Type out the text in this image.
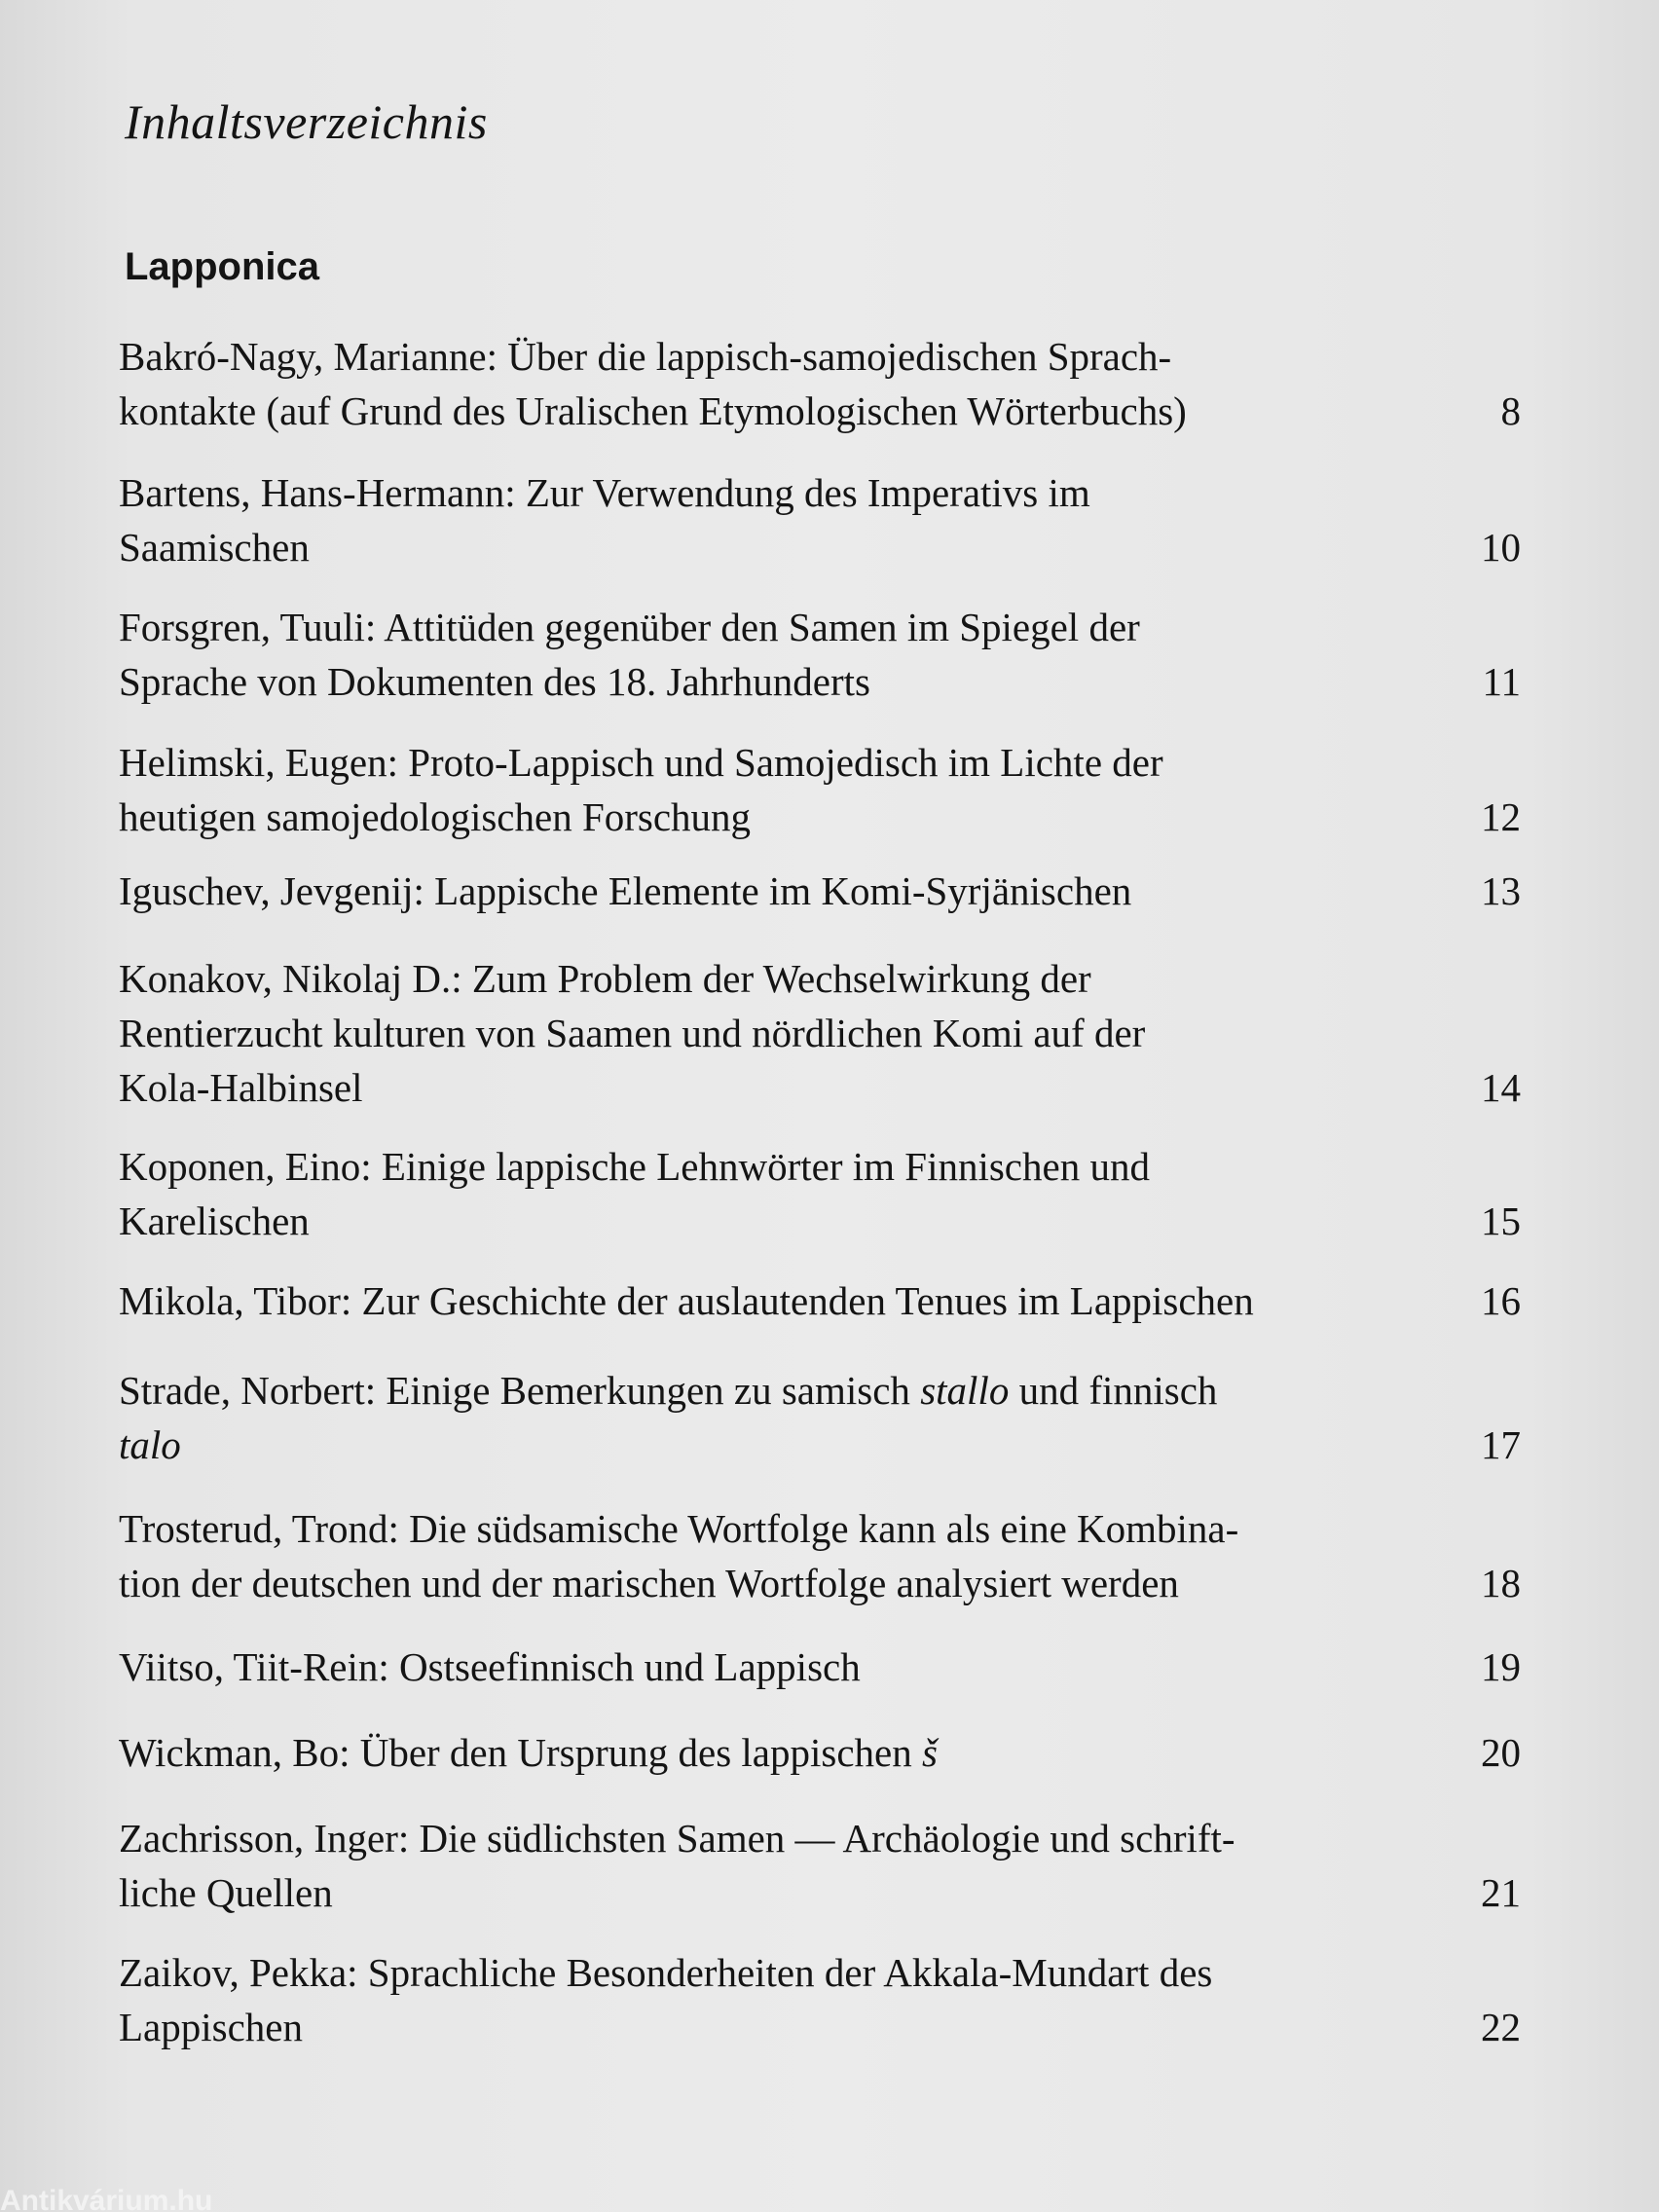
Inhaltsverzeichnis
Lapponica
Bakró-Nagy, Marianne: Über die lappisch-samojedischen Sprach-
kontakte (auf Grund des Uralischen Etymologischen Wörterbuchs)	8
Bartens, Hans-Hermann: Zur Verwendung des Imperativs im
Saamischen	10
Forsgren, Tuuli: Attitüden gegenüber den Samen im Spiegel der
Sprache von Dokumenten des 18. Jahrhunderts	11
Helimski, Eugen: Proto-Lappisch und Samojedisch im Lichte der
heutigen samojedologischen Forschung	12
Iguschev, Jevgenij: Lappische Elemente im Komi-Syrjänischen	13
Konakov, Nikolaj D.: Zum Problem der Wechselwirkung der
Rentierzucht kulturen von Saamen und nördlichen Komi auf der
Kola-Halbinsel	14
Koponen, Eino: Einige lappische Lehnwörter im Finnischen und
Karelischen	15
Mikola, Tibor: Zur Geschichte der auslautenden Tenues im Lappischen	16
Strade, Norbert: Einige Bemerkungen zu samisch stallo und finnisch
talo	17
Trosterud, Trond: Die südsamische Wortfolge kann als eine Kombina-
tion der deutschen und der marischen Wortfolge analysiert werden	18
Viitso, Tiit-Rein: Ostseefinnisch und Lappisch	19
Wickman, Bo: Über den Ursprung des lappischen š	20
Zachrisson, Inger: Die südlichsten Samen — Archäologie und schrift-
liche Quellen	21
Zaikov, Pekka: Sprachliche Besonderheiten der Akkala-Mundart des
Lappischen	22
Antikvárium.hu
